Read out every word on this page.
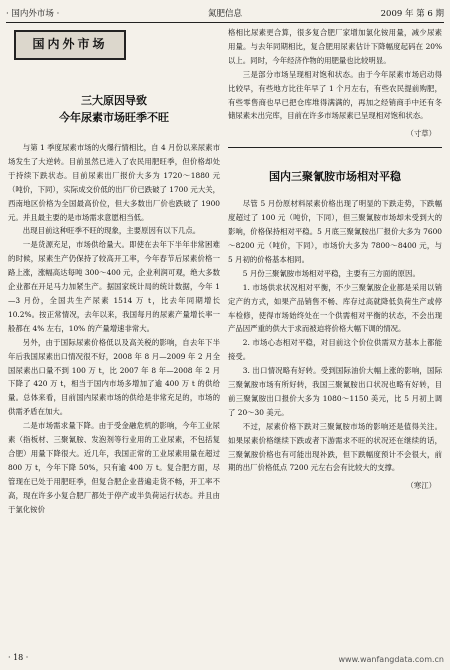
· 国内外市场 ·	氮肥信息	2009 年 第 6 期
国内外市场
三大原因导致
今年尿素市场旺季不旺

与第 1 季度尿素市场的火爆行情相比，自 4 月份以来尿素市场发生了大逆转。目前虽然已进入了农民用肥旺季，但价格却处于持续下跌状态。目前尿素出厂报价大多为 1720～1880 元（吨价，下同），实际成交价低的出厂价已跌破了 1700 元大关，西南地区价格为全国最高价位，但大多数出厂价也跌破了 1900 元。并且最主要的是市场需求意愿相当低。

出现目前这种旺季不旺的现象，主要原因有以下几点。

一是货源充足，市场供给量大。即使在去年下半年非常困难的时候，尿素生产仍保持了较高开工率，今年春节后尿素价格一路上涨，涨幅高达每吨 300～400 元，企业利润可观，绝大多数企业都在开足马力加紧生产。据国家统计局的统计数据，今年 1—3 月份，全国共生产尿素 1514 万 t，比去年同期增长 10.2%。按正常情况，去年以来，我国每月的尿素产量增长率一般都在 4% 左右，10% 的产量增速非常大。

另外，由于国际尿素价格低以及高关税的影响，自去年下半年后我国尿素出口情况很不好，2008 年 8 月—2009 年 2 月全国尿素出口量不到 100 万 t，比 2007 年 8 年—2008 年 2 月下降了 420 万 t，相当于国内市场多增加了逾 400 万 t 的供给量。总体来看，目前国内尿素市场的供给是非常充足的，市场的供需矛盾在加大。

二是市场需求量下降。由于受金融危机的影响，今年工业尿素（指板材、三聚氰胺、发泡剂等行业用的工业尿素，不包括复合肥）用量下降很大。近几年，我国正常的工业尿素用量在超过 800 万 t，今年下降 50%，只有逾 400 万 t。复合肥方面，尽管现在已处于用肥旺季，但复合肥企业普遍走货不畅，开工率不高，现在许多小复合肥厂都处于停产或半负荷运行状态。并且由于氯化铵价

格相比尿素更合算，很多复合肥厂家增加氯化铵用量，减少尿素用量。与去年同期相比，复合肥用尿素估计下降幅度起码在 20% 以上。同时，今年经济作物的用肥量也比较明显。

三是部分市场呈现相对饱和状态。由于今年尿素市场启动得比较早，有些地方比往年早了 1 个月左右，有些农民提前购肥，有些零售商也早已把仓库堆得满满的，再加之经销商手中还有冬储尿素未出完库，目前在许多市场尿素已呈现相对饱和状态。

（寸草）
国内三聚氰胺市场相对平稳

尽管 5 月份原材料尿素价格出现了明显的下跌走势，下跌幅度超过了 100 元（吨价，下同），但三聚氰胺市场却未受到大的影响，价格保持相对平稳。5 月底三聚氰胺出厂报价大多为 7600～8200 元（吨价，下同），市场价大多为 7800～8400 元，与 5 月初的价格基本相同。

5 月份三聚氰胺市场相对平稳，主要有三方面的原因。

1. 市场供求状况相对平衡，不少三聚氰胺企业都是采用以销定产的方式，如果产品销售不畅、库存过高就降低负荷生产或停车检修，使得市场始终处在一个供需相对平衡的状态，不会出现产品因严重的供大于求而被迫将价格大幅下调的情况。

2. 市场心态相对平稳，对目前这个价位供需双方基本上都能接受。

3. 出口情况略有好转。受到国际油价大幅上涨的影响，国际三聚氰胺市场有所好转，我国三聚氰胺出口状况也略有好转，目前三聚氰胺出口报价大多为 1080～1150 美元，比 5 月初上调了 20～30 美元。

不过，尿素价格下跌对三聚氰胺市场的影响还是值得关注。如果尿素价格继续下跌或者下游需求不旺的状况还在继续的话，三聚氰胺价格也有可能出现补跌，但下跌幅度预计不会很大，前期的出厂价格低点 7200 元左右会有比较大的支撑。

（寒江）
· 18 ·	www.wanfangdata.com.cn
